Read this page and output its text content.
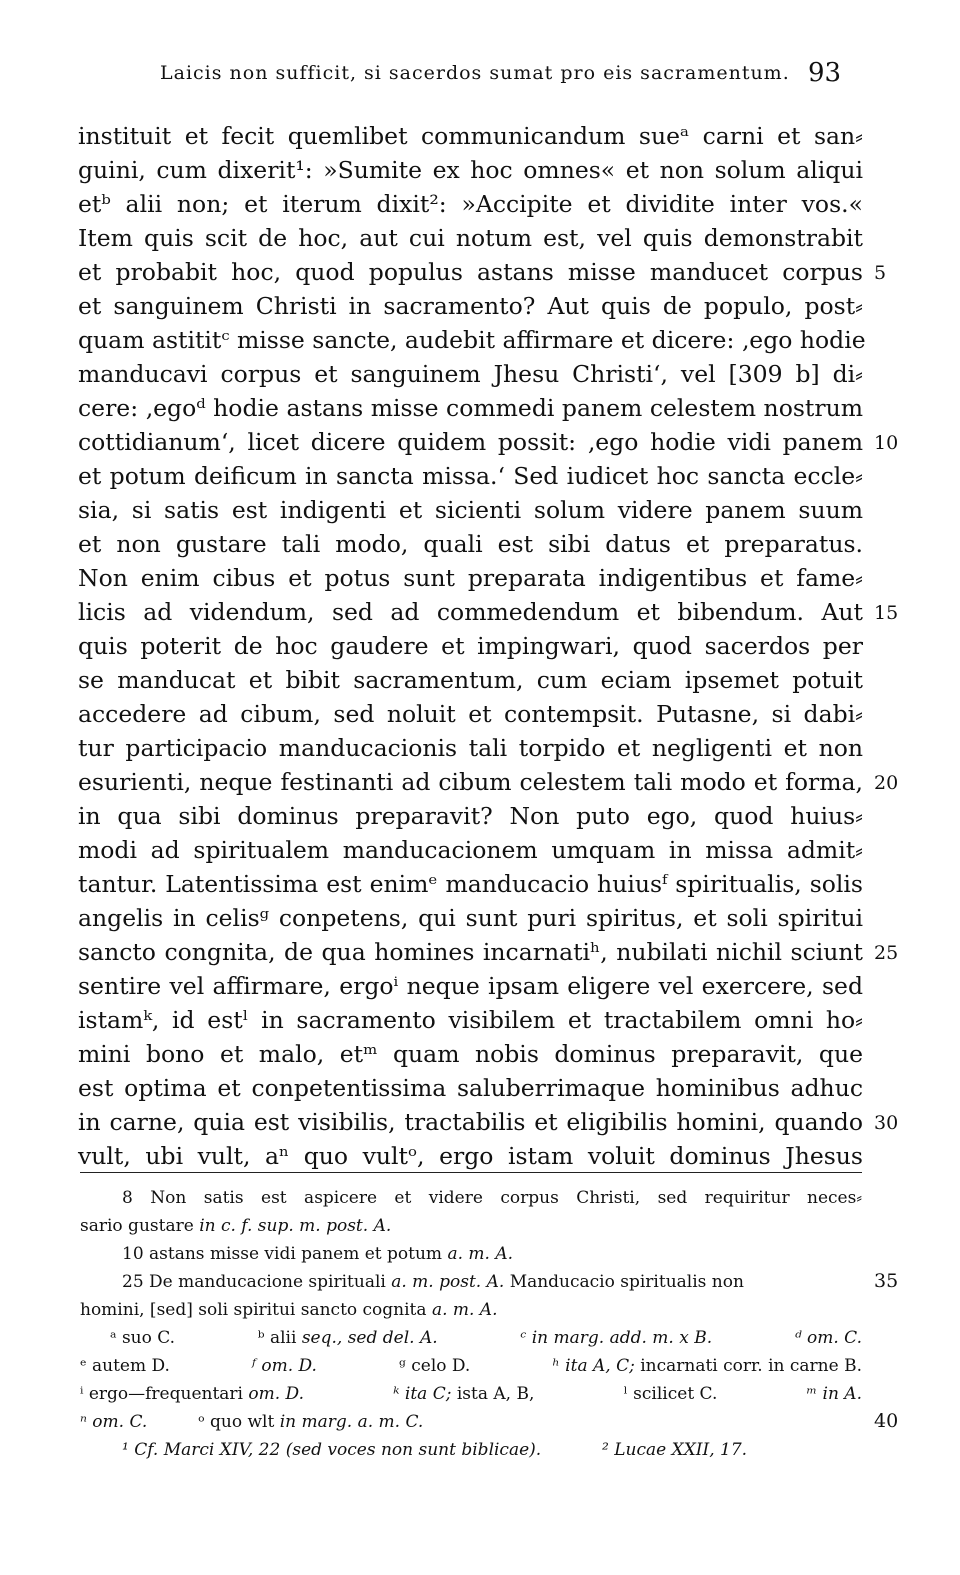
Laicis non sufficit, si sacerdos sumat pro eis sacramentum. 93
instituit et fecit quemlibet communicandum sueᵃ carni et san⸗
guini, cum dixerit¹: »Sumite ex hoc omnes« et non solum aliqui
etᵇ alii non; et iterum dixit²: »Accipite et dividite inter vos.«
Item quis scit de hoc, aut cui notum est, vel quis demonstrabit
et probabit hoc, quod populus astans misse manducet corpus
et sanguinem Christi in sacramento? Aut quis de populo, post⸗
quam astititᶜ misse sancte, audebit affirmare et dicere: ‚ego hodie
manducavi corpus et sanguinem Jhesu Christi‘, vel [309 b] di⸗
cere: ‚egoᵈ hodie astans misse commedi panem celestem nostrum
cottidianum‘, licet dicere quidem possit: ‚ego hodie vidi panem
et potum deificum in sancta missa.‘ Sed iudicet hoc sancta eccle⸗
sia, si satis est indigenti et sicienti solum videre panem suum
et non gustare tali modo, quali est sibi datus et preparatus.
Non enim cibus et potus sunt preparata indigentibus et fame⸗
licis ad videndum, sed ad commedendum et bibendum. Aut
quis poterit de hoc gaudere et impingwari, quod sacerdos per
se manducat et bibit sacramentum, cum eciam ipsemet potuit
accedere ad cibum, sed noluit et contempsit. Putasne, si dabi⸗
tur participacio manducacionis tali torpido et negligenti et non
esurienti, neque festinanti ad cibum celestem tali modo et forma,
in qua sibi dominus preparavit? Non puto ego, quod huius⸗
modi ad spiritualem manducacionem umquam in missa admit⸗
tantur. Latentissima est enimᵉ manducacio huiusᶠ spiritualis, solis
angelis in celisᵍ conpetens, qui sunt puri spiritus, et soli spiritui
sancto congnita, de qua homines incarnatiʰ, nubilati nichil sciunt
sentire vel affirmare, ergoⁱ neque ipsam eligere vel exercere, sed
istamᵏ, id estˡ in sacramento visibilem et tractabilem omni ho⸗
mini bono et malo, etᵐ quam nobis dominus preparavit, que
est optima et conpetentissima saluberrimaque hominibus adhuc
in carne, quia est visibilis, tractabilis et eligibilis homini, quando
vult, ubi vult, aⁿ quo vultᵒ, ergo istam voluit dominus Jhesus
5
10
15
20
25
30
35
40
8 Non satis est aspicere et videre corpus Christi, sed requiritur neces⸗
sario gustare in c. f. sup. m. post. A.
10 astans misse vidi panem et potum a. m. A.
25 De manducacione spirituali a. m. post. A. Manducacio spiritualis non
homini, [sed] soli spiritui sancto cognita a. m. A.
ᵃ suo C.	ᵇ alii seq., sed del. A.	ᶜ in marg. add. m. x B.	ᵈ om. C.
ᵉ autem D.	ᶠ om. D.	ᵍ celo D.	ʰ ita A, C; incarnati corr. in carne B.
ⁱ ergo—frequentari om. D.	ᵏ ita C; ista A, B,	ˡ scilicet C.	ᵐ in A.
ⁿ om. C.	ᵒ quo wlt in marg. a. m. C.
¹ Cf. Marci XIV, 22 (sed voces non sunt biblicae).	² Lucae XXII, 17.
